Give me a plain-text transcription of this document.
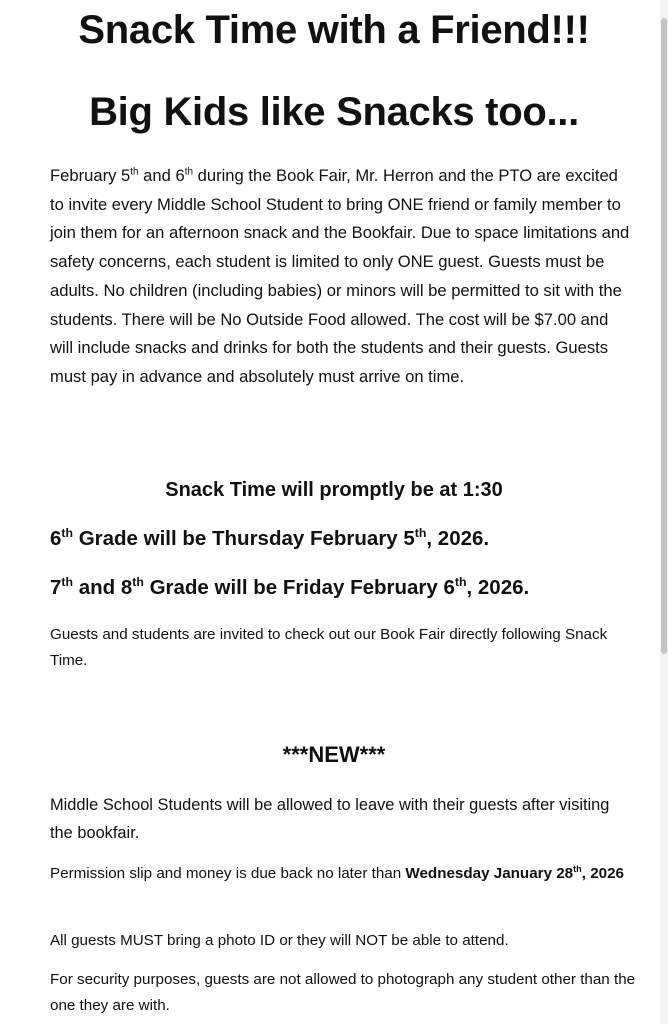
Snack Time with a Friend!!!
Big Kids like Snacks too...

February 5th and 6th during the Book Fair, Mr. Herron and the PTO are excited to invite every Middle School Student to bring ONE friend or family member to join them for an afternoon snack and the Bookfair. Due to space limitations and safety concerns, each student is limited to only ONE guest. Guests must be adults. No children (including babies) or minors will be permitted to sit with the students. There will be No Outside Food allowed. The cost will be $7.00 and will include snacks and drinks for both the students and their guests. Guests must pay in advance and absolutely must arrive on time.

Snack Time will promptly be at 1:30

6th Grade will be Thursday February 5th, 2026.

7th and 8th Grade will be Friday February 6th, 2026.

Guests and students are invited to check out our Book Fair directly following Snack Time.

***NEW***

Middle School Students will be allowed to leave with their guests after visiting the bookfair.

Permission slip and money is due back no later than Wednesday January 28th, 2026

All guests MUST bring a photo ID or they will NOT be able to attend.

For security purposes, guests are not allowed to photograph any student other than the one they are with.
